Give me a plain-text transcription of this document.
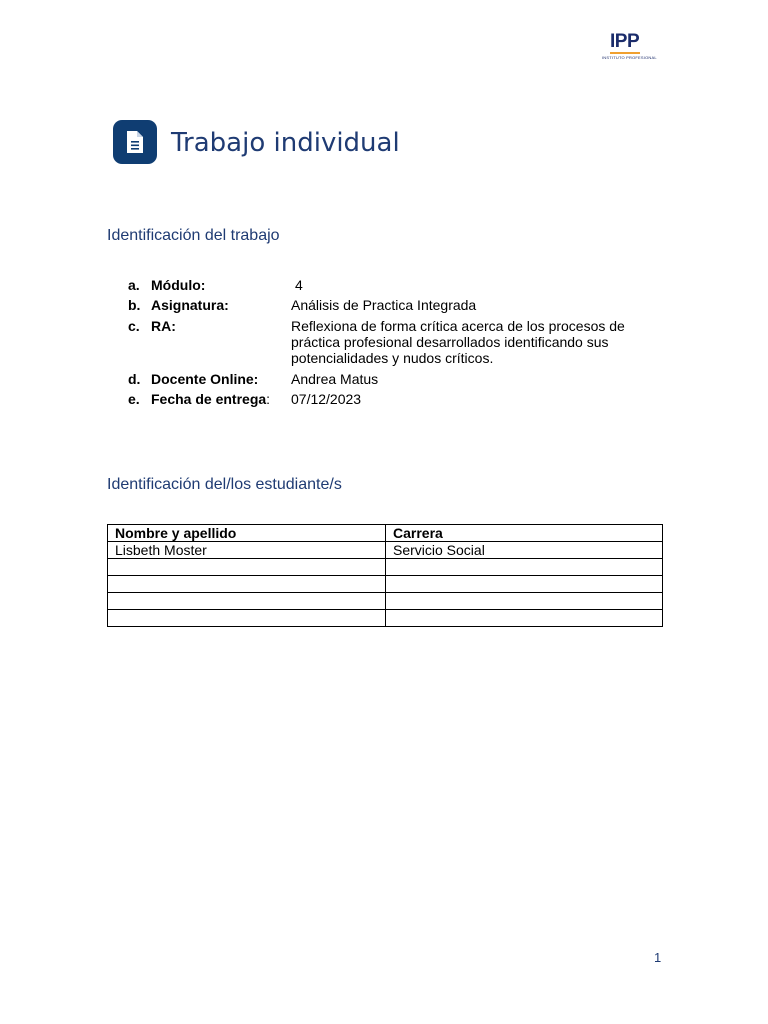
IPP
INSTITUTO PROFESIONAL
Trabajo individual
Identificación del trabajo
a. Módulo:	4
b. Asignatura:	Análisis de Practica Integrada
c. RA:	Reflexiona de forma crítica acerca de los procesos de práctica profesional desarrollados identificando sus potencialidades y nudos críticos.
d. Docente Online: Andrea Matus
e. Fecha de entrega: 07/12/2023
Identificación del/los estudiante/s
Nombre y apellido	Carrera
Lisbeth Moster	Servicio Social

1
